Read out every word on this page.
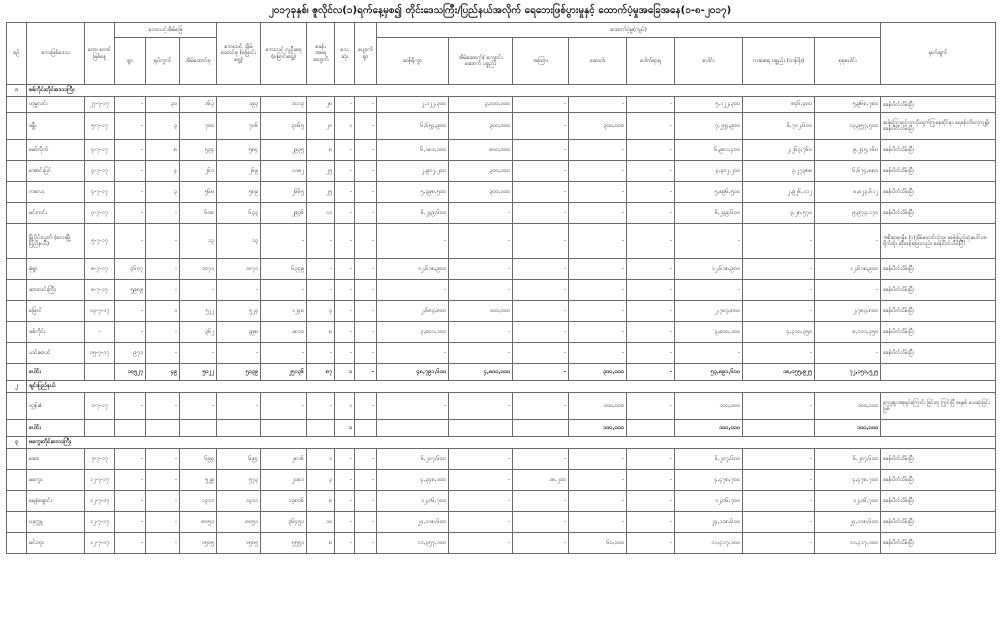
၂၀၁၇ခုနှစ်၊ ဇူလိုင်လ(၁)ရက်နေ့မှစ၍ တိုင်းဒေသကြီး/ပြည်နယ်အလိုက် ရေဘေးဖြစ်ပွားမှုနှင့် ထောက်ပံ့မှုအခြေအနေ(၁-၈-၂၀၁၇)
စဉ်	ဘေးဖြစ်ဒေသ	ဘေး စတင် ဖြစ်နေ့	ဘေးသင့်အိမ်ခြေ			ဘေးသင့် အိမ် ထောင်စု (မြောင်းရွေ့)	ဘေးသင့် လူဦးရေ (မြောင်းရွေ့)	စခန်း အရေ အတွက်	သေ ဆုံး	ပျောက် ရှာ	ထောက်ပံ့မှု(ကျပ်)								မှတ်ချက်
			ရွာ	ရပ်ကွက်	အိမ်ထောင်စု						ဆန်ရိက္ခာ	အိမ်ဆောက်/ ကျောင်းဆောက် ပစ္စည်း	အထြား	ဆေးဝါး	ဒေါက်ရာရ	ပေါင်း	ကဆရေ ပစ္စည်း (တန်ဖိုး)	စုစုပေါင်း	
၁	စစ်ကိုင်းတိုင်းဒေသကြီး																		
	ဟုမ္မလင်း	၂၇-၇-၁၇	-	၃၀	၁၆၃	၁၉၃	၁၀၁၃	၂၈	-	-	၂,၁၂၂,၃၀၀	၃,၀၀၀,၀၀၀	-	-	-	၅,၁၂၂,၃၀၀	၈၄၆,၄၈၀	၅,၉၆၈,၇၈၀	ခေန်းပိတ်သိမ်းပြီး
	ခန္တီး	၅-၇-၁၇	-	၃	၇၀၀	၇၀၆	၃၀၆၅	၂၀	၁	-	၆,၆၅၄,၉၀၀	၃၀၀,၀၀၀	-	၃၀၀,၀၀၀	-	၇,၂၅၄,၉၀၀	၆,၇၀၂,၆၀၀	၁၃,၉၅၇,၅၀၀	ဆန်ကြွေ့ဆင့်လာသိုးထွက်ကြွနေဆိုင်ရာ ရေခန်းဘိလေ့ကျရှိ။ ခေန်းပိတ်သိမ်းပြီး
	မော်လိုက်	၄-၇-၁၇	-	၈	၅၃၄	၅၈၄	၂၉၃၅	၈	-	-	၆,၁၈၁,၁၀၀	၈၀၀,၀၀၀	-	-	-	၆,၉၈၁,၄၀၀	၂,၂၆၃,၇၆၀	၉,၂၄၅,၁၆၀	ခေန်းပိတ်သိမ်းပြီး
	အောင်းပြင်	၄-၇-၁၇	-	၄	၂၆၁	၂၆၉	၁၁၈၂	၂၅	-	-	၂,၉၀၂,၂၀၀	၃၀၀,၀၀၀	-	-	-	၃,၃၀၂,၂၀၀	၃,၂၇၃၈၈	၆,၆၇၄,၈၈၀	ခေန်းပိတ်သိမ်းပြီး
	ကလေး	၄-၇-၁၇	-	၃	၅၆၈	၅၈၉	၂၆၆၅	၂၅	-	-	၅,၃၉၈,၅၀၀	၃၀၀,၀၀၀	-	-	-	၅,၈၉၆,၅၀၀	၂,၉၂၆,၁၁၂	၈,၈၂၃,၆၁၂	ခေန်းပိတ်သိမ်းပြီး
	မင်းကင်း	၄-၇-၁၇	-	-	၆၀၈	၆၃၃	၂၉၃၆	၁၁	-	-	၆,၂၄၉,၆၀၀	-	-	-	-	၆,၂၄၉,၆၀၀	၃,၂၈,၅၇၀	၉,၉၇၃,၁၇၀	ခေန်းပိတ်သိမ်းပြီး
	မြို့ပိုင်းလွှတ် (လေးမြို့ပြည်နယ်)	၅-၇-၁၇	-	-	၁၃	၁၃	-	-	-	-	-	-	-	-	-	-	-	-	အစိုးရာရာနှိုး။ (၁)အိမ်ထောင်လှဲသူ။ ခေန်းပြည့်ထုံးပေါင်းအရိုက်ထုံး ဆိုခေန်းမြောလည်။ ခေန်းပိတ်သိမ်းပြီး
	မုံရွာ	၈-၇-၁၇	၄၆၀၇	-	၁၀၇၁	၁၀၇၁	၆၃၄၉	-	-	-	၁၂,၆၁၈,၉၀၀	-	-	-	-	၁၂,၆၁၈,၉၀၀	-	၁၂,၆၁၈,၉၀၀	ခေန်းပိတ်သိမ်းပြီး
	ဆားလင်းကြီး	၈-၇-၁၇	၅၉၈၉	-	-	-	-	-	-	-	-	-	-	-	-	-	-	-	ခေန်းပိတ်သိမ်းပြီး
	မြောင်	၁၃-၇-၁၇	-	၁	၅၂၂	၅၂၃	၁၂၄၈	၃	-	-	၂,၆၈၃,၈၀၀	၁၀၀,၀၀၀	-	-	-	၂,၇၈၃,၈၀၀	-	၂,၇၈၃,၈၀၀	ခေန်းပိတ်သိမ်းပြီး
	ခစ်ကိုင်း	-	-	-	၃၆၂	၃၉၈	၁၈၁၀	၈	-	-	၃,၈၀၁,၁၀၀	-	-	-	-	၃,၈၀၀,၁၀၀	၄,၃၁၀,၃၅၀	၈,၁၁၁,၃၅၀	ခေန်းပိတ်သိမ်းပြီး
	ယင်းမာပင်	၁၅-၇-၁၇	၉၇၁	-	-	-	-	-	-	-	-	-	-	-	-	-	-	-	ခေန်းပိတ်သိမ်းပြီး
	ပေါင်း		၁၀၅၂၇	၄၉	၅၀၂၂	၅၁၃၉	၂၅၁၃၆	၈၇	၁	-	၄၈,၇၉၁,၆၀၀	၄,၈၀၀,၀၀၀	-	၃၀၀,၀၀၀	-	၅၃,၈၉၁,၆၀၀	၁၈,၀၅၅,၉၂၅	၇၂,၁၅၁,၅၂၅	
၂	ချင်းပြည်နယ်																		
	တွန်းဇံ	၁-၇-၁၇	-	-	-	-	-	-	၁	-	-	-	-	၁၀၀,၀၀၀	-	၁၀၀,၀၀၀	-	၁၀၀,၀၀၀	ကျေးရွာအစုရှင်ကြောင်း ခြင်းတူ ကြွင်းပြီ ရေနစ် သေဆုံးခြင်း ဖြစ်
	ပေါင်း								၁					၁၀၀,၀၀၀		၁၀၀,၀၀၀		၁၀၀,၀၀၀	
၃	မကွေးတိုင်းဒေသကြီး																		
	ဆော	၇-၇-၁၇	-	-	၆၉၄	၆၉၄	၂၈၁၆	၁	-	-	၆,၂၀၇,၆၀၀	-	-	-	-	၆,၂၀၇,၆၀၀	-	၆,၂၀၇,၆၀၀	ခေန်းပိတ်သိမ်းပြီး
	မကွေး	၁၂-၇-၁၇	-	-	၅၂၉	၅၇၃	၂၀၈၁	၃	-	-	၄,၃၄၈,၁၀၀	-	၁၈,၂၀၀	-	-	၄,၄၇၈,၇၀၀	-	၄,၄၇၈,၇၀၀	ခေန်းပိတ်သိမ်းပြီး
	ရေနံချောင်း	၁၂-၇-၁၇	-	-	၁၃၁၁	၁၃၁၁	၁၃၈၀၆	၈	-	-	၁၂,၀၆,၇၀၀	-	-	-	-	၁၂,၀၆,၇၀၀	-	၁၂,၀၆,၇၀၀	ခေန်းပိတ်သိမ်းပြီး
	ပခုက္ကူ	၁၂-၇-၁၇	-	-	၈၀၅၁	၈၀၅၁	၃၆၄၅၁	၁၀	-	-	၂၄,၁၁၈,၆၀၀	-	-	-	-	၂၄,၁၁၈,၆၀၀	-	၂၄,၁၁၈,၆၀၀	ခေန်းပိတ်သိမ်းပြီး
	မင်းဘူး	၁၂-၇-၁၇	-	-	၁၅၀၅	၁၅၀၅	၅၅၅၁	၈	-	-	၁၁,၃၅၇,၁၀၀	-	-	၆၀,၀၀၀	-	၁၁,၄၁၇,၁၀၀	-	၁၁,၄၁၇,၁၀၀	ခေန်းပိတ်သိမ်းပြီး
